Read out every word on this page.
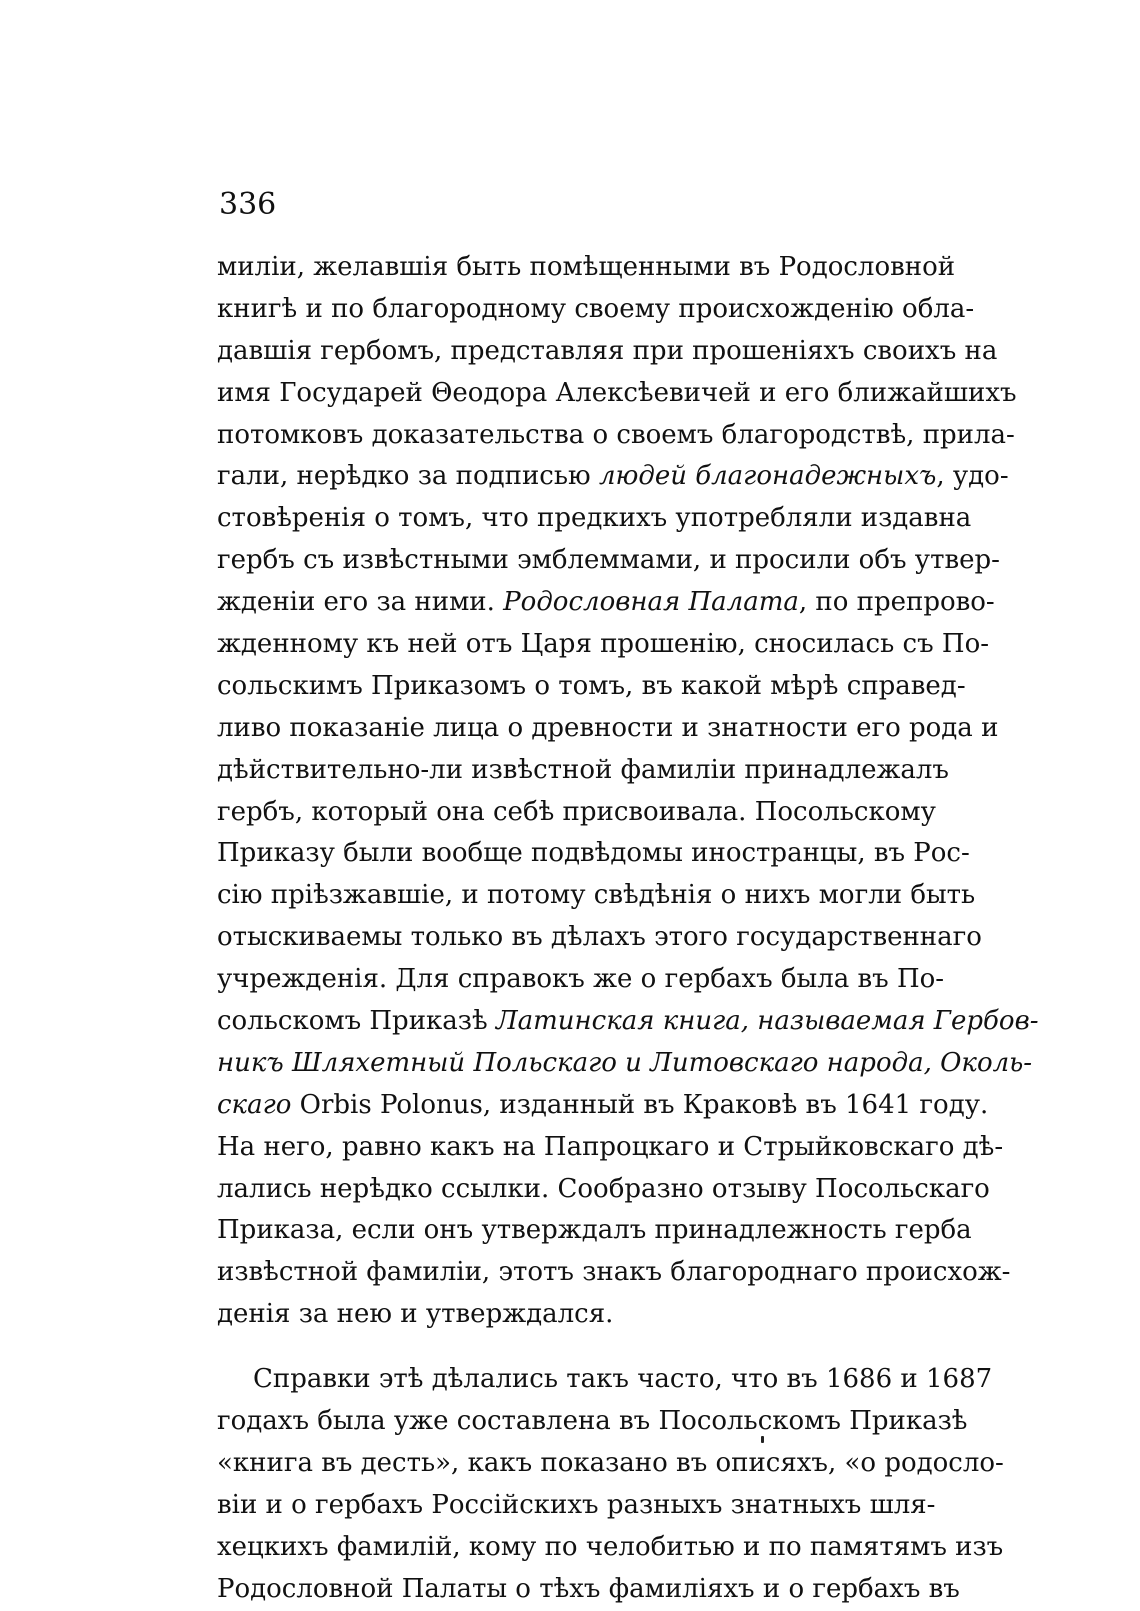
336

милiи, желавшiя быть помѣщенными въ Родословной
книгѣ и по благородному своему происхожденiю обла-
давшiя гербомъ, представляя при прошенiяхъ своихъ на
имя Государей Θеодора Алексѣевичей и его ближайшихъ
потомковъ доказательства о своемъ благородствѣ, прила-
гали, нерѣдко за подписью людей благонадежныхъ, удо-
стовѣренiя о томъ, что предкихъ употребляли издавна
гербъ съ извѣстными эмблеммами, и просили объ утвер-
жденiи его за ними. Родословная Палата, по препрово-
жденному къ ней отъ Царя прошенiю, сносилась съ По-
сольскимъ Приказомъ о томъ, въ какой мѣрѣ справед-
ливо показанiе лица о древности и знатности его рода и
дѣйствительно-ли извѣстной фамилiи принадлежалъ
гербъ, который она себѣ присвоивала. Посольскому
Приказу были вообще подвѣдомы иностранцы, въ Рос-
сiю прiѣзжавшiе, и потому свѣдѣнiя о нихъ могли быть
отыскиваемы только въ дѣлахъ этого государственнаго
учрежденiя. Для справокъ же о гербахъ была въ По-
сольскомъ Приказѣ Латинская книга, называемая Гербов-
никъ Шляхетный Польскаго и Литовскаго народа, Околь-
скаго Orbis Polonus, изданный въ Краковѣ въ 1641 году.
На него, равно какъ на Папроцкаго и Стрыйковскаго дѣ-
лались нерѣдко ссылки. Сообразно отзыву Посольскаго
Приказа, если онъ утверждалъ принадлежность герба
извѣстной фамилiи, этотъ знакъ благороднаго происхож-
денiя за нею и утверждался.
Справки этѣ дѣлались такъ часто, что въ 1686 и 1687
годахъ была уже составлена въ Посольскомъ Приказѣ
«книга въ десть», какъ показано въ описяхъ, «о родосло-
вiи и о гербахъ Россiйскихъ разныхъ знатныхъ шля-
хецкихъ фамилiй, кому по челобитью и по памятямъ изъ
Родословной Палаты о тѣхъ фамилiяхъ и о гербахъ въ
